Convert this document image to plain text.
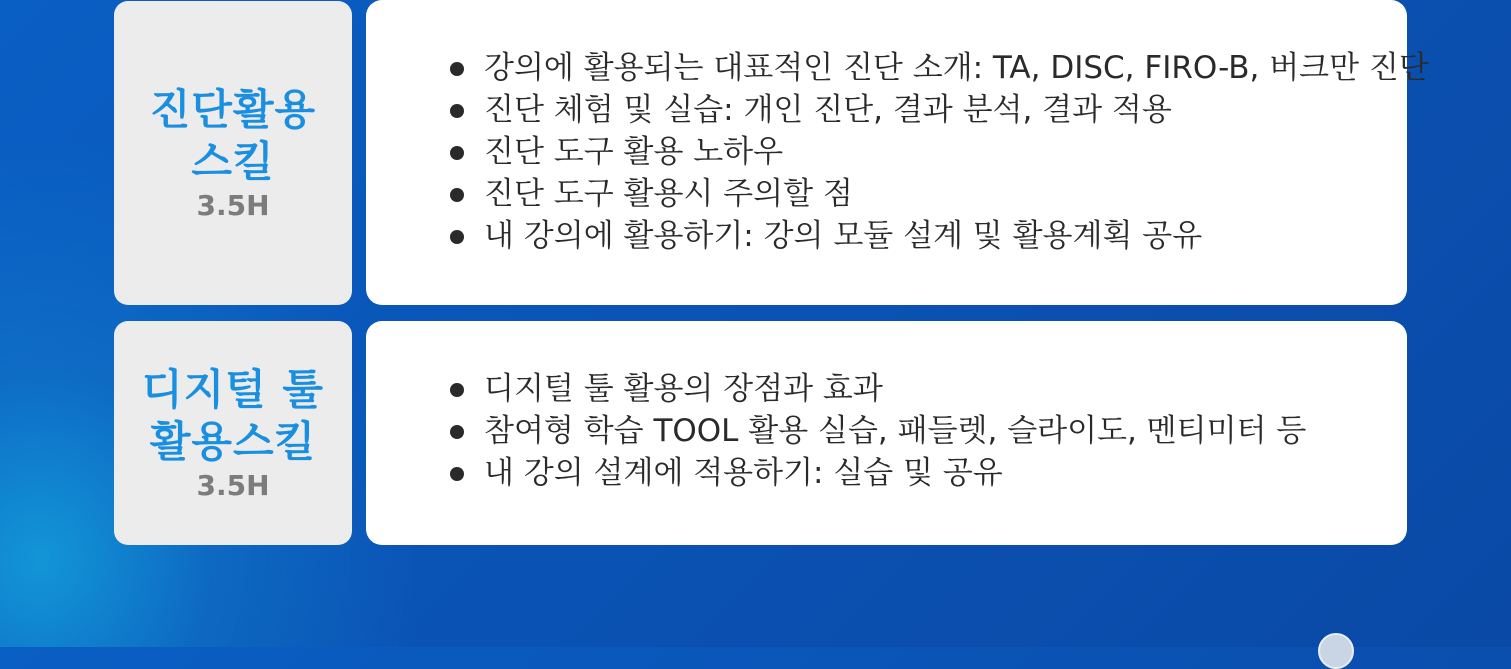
진단활용
스킬
3.5H
강의에 활용되는 대표적인 진단 소개: TA, DISC, FIRO-B, 버크만 진단
진단 체험 및 실습: 개인 진단, 결과 분석, 결과 적용
진단 도구 활용 노하우
진단 도구 활용시 주의할 점
내 강의에 활용하기: 강의 모듈 설계 및 활용계획 공유
디지털 툴
활용스킬
3.5H
디지털 툴 활용의 장점과 효과
참여형 학습 TOOL 활용 실습, 패들렛, 슬라이도, 멘티미터 등
내 강의 설계에 적용하기: 실습 및 공유
